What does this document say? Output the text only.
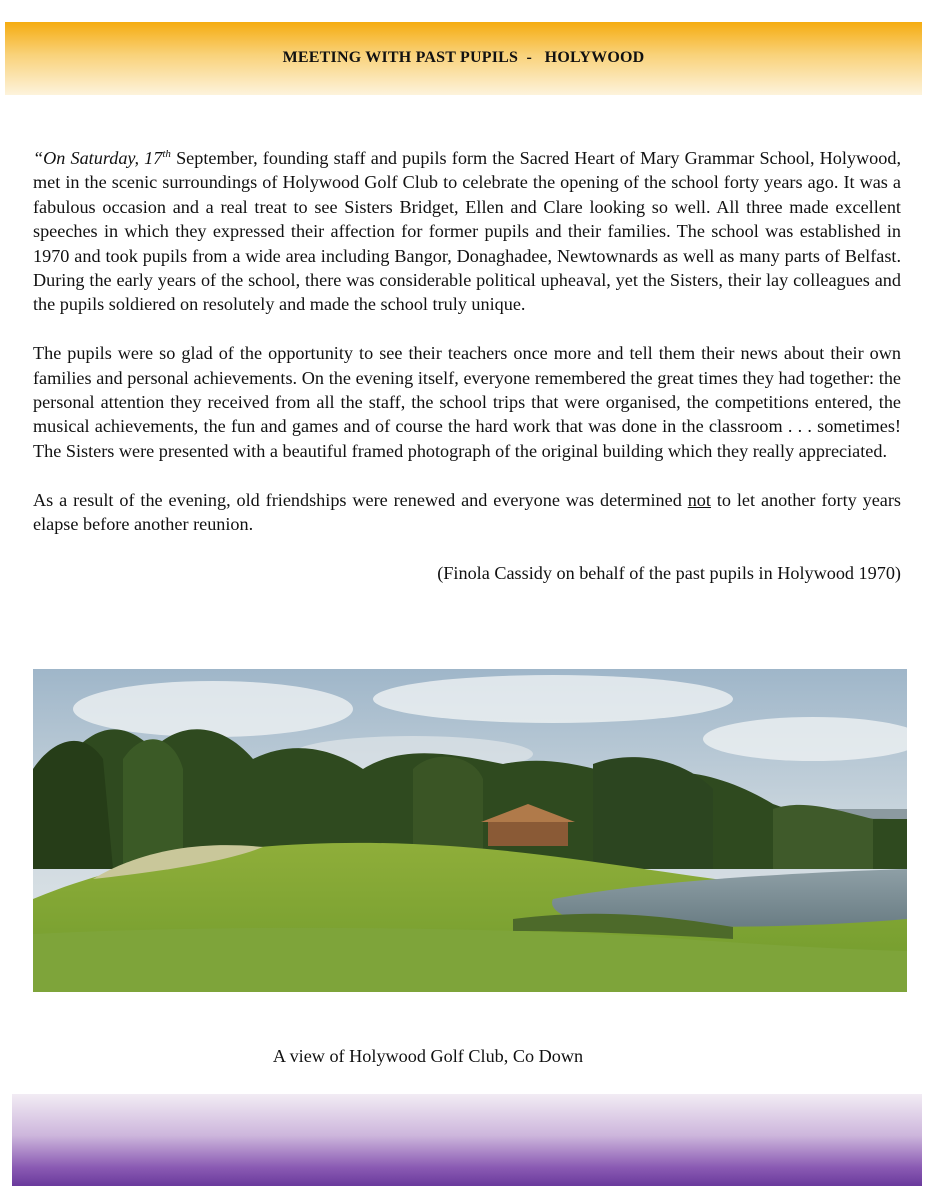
MEETING WITH PAST PUPILS  -   HOLYWOOD

“On Saturday, 17th September, founding staff and pupils form the Sacred Heart of Mary Grammar School, Holywood, met in the scenic surroundings of Holywood Golf Club to celebrate the opening of the school forty years ago. It was a fabulous occasion and a real treat to see Sisters Bridget, Ellen and Clare looking so well. All three made excellent speeches in which they expressed their affection for former pupils and their families. The school was established in 1970 and took pupils from a wide area including Bangor, Donaghadee, Newtownards as well as many parts of Belfast. During the early years of the school, there was considerable political upheaval, yet the Sisters, their lay colleagues and the pupils soldiered on resolutely and made the school truly unique.

The pupils were so glad of the opportunity to see their teachers once more and tell them their news about their own families and personal achievements. On the evening itself, everyone remembered the great times they had together: the personal attention they received from all the staff, the school trips that were organised, the competitions entered, the musical achievements, the fun and games and of course the hard work that was done in the classroom . . . sometimes! The Sisters were presented with a beautiful framed photograph of the original building which they really appreciated.

As a result of the evening, old friendships were renewed and everyone was determined not to let another forty years elapse before another reunion.

(Finola Cassidy on behalf of the past pupils in Holywood 1970)

A view of Holywood Golf Club, Co Down
